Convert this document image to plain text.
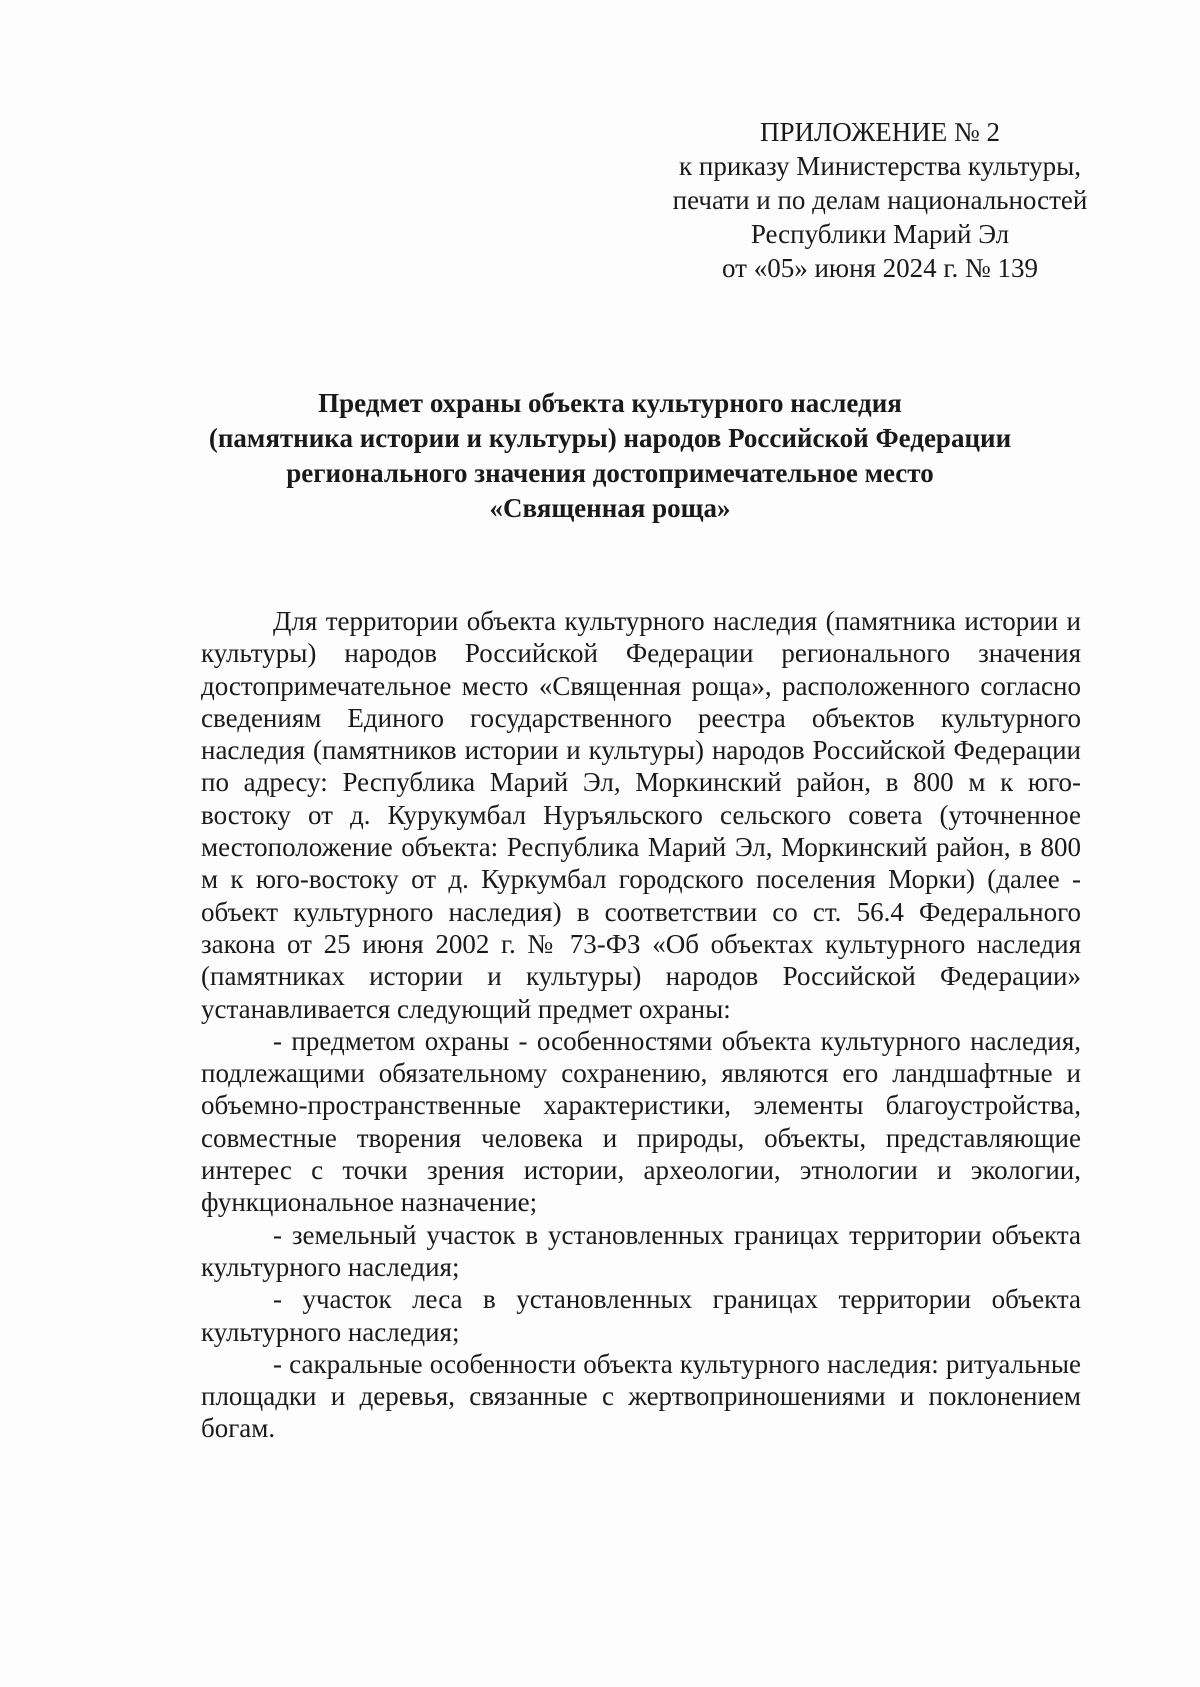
ПРИЛОЖЕНИЕ № 2
к приказу Министерства культуры,
печати и по делам национальностей
Республики Марий Эл
от «05» июня 2024 г. № 139
Предмет охраны объекта культурного наследия
(памятника истории и культуры) народов Российской Федерации
регионального значения достопримечательное место
«Священная роща»

Для территории объекта культурного наследия (памятника истории и культуры) народов Российской Федерации регионального значения достопримечательное место «Священная роща», расположенного согласно сведениям Единого государственного реестра объектов культурного наследия (памятников истории и культуры) народов Российской Федерации по адресу: Республика Марий Эл, Моркинский район, в 800 м к юго-востоку от д. Курукумбал Нуръяльского сельского совета (уточненное местоположение объекта: Республика Марий Эл, Моркинский район, в 800 м к юго-востоку от д. Куркумбал городского поселения Морки) (далее - объект культурного наследия) в соответствии со ст. 56.4 Федерального закона от 25 июня 2002 г. № 73-ФЗ «Об объектах культурного наследия (памятниках истории и культуры) народов Российской Федерации» устанавливается следующий предмет охраны:

- предметом охраны - особенностями объекта культурного наследия, подлежащими обязательному сохранению, являются его ландшафтные и объемно-пространственные характеристики, элементы благоустройства, совместные творения человека и природы, объекты, представляющие интерес с точки зрения истории, археологии, этнологии и экологии, функциональное назначение;

- земельный участок в установленных границах территории объекта культурного наследия;

- участок леса в установленных границах территории объекта культурного наследия;

- сакральные особенности объекта культурного наследия: ритуальные площадки и деревья, связанные с жертвоприношениями и поклонением богам.
